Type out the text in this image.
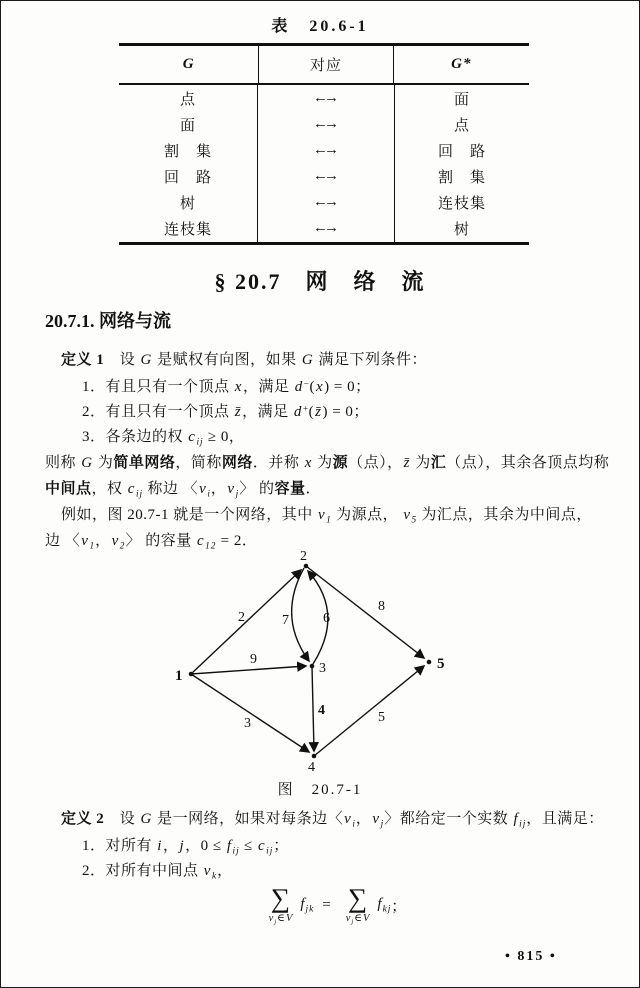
表　20.6-1
G	对应	G*
点	←→	面
面	←→	点
割　集	←→	回　路
回　路	←→	割　集
树	←→	连枝集
连枝集	←→	树
§ 20.7　网　络　流
20.7.1. 网络与流
定义 1　设 G 是赋权有向图，如果 G 满足下列条件：
1．有且只有一个顶点 x，满足 d−(x) = 0；
2．有且只有一个顶点 z̄，满足 d+(z̄) = 0；
3．各条边的权 $c_{ij} \ge 0$，
则称 G 为简单网络，简称网络．并称 x 为源（点），z̄ 为汇（点），其余各顶点均称
中间点，权 $c_{ij}$ 称边 〈$v_i$，$v_j$〉 的容量．
例如，图 20.7-1 就是一个网络，其中 $v_1$ 为源点， $v_5$ 为汇点，其余为中间点，
边 〈$v_1$，$v_2$〉 的容量 $c_{12} = 2$．
1
2
3
4
5
2
9
3
7 6
8
4	5
图　20.7-1
定义 2　设 G 是一网络，如果对每条边〈$v_i$，$v_j$〉都给定一个实数 $f_{ij}$，且满足：
1．对所有 i，j，$0 \le f_{ij} \le c_{ij}$；
2．对所有中间点 $v_k$，
∑
$v_j\in V$
$f_{jk}$ = ∑
$v_j\in V$
$f_{kj}$ ；
• 815 •
